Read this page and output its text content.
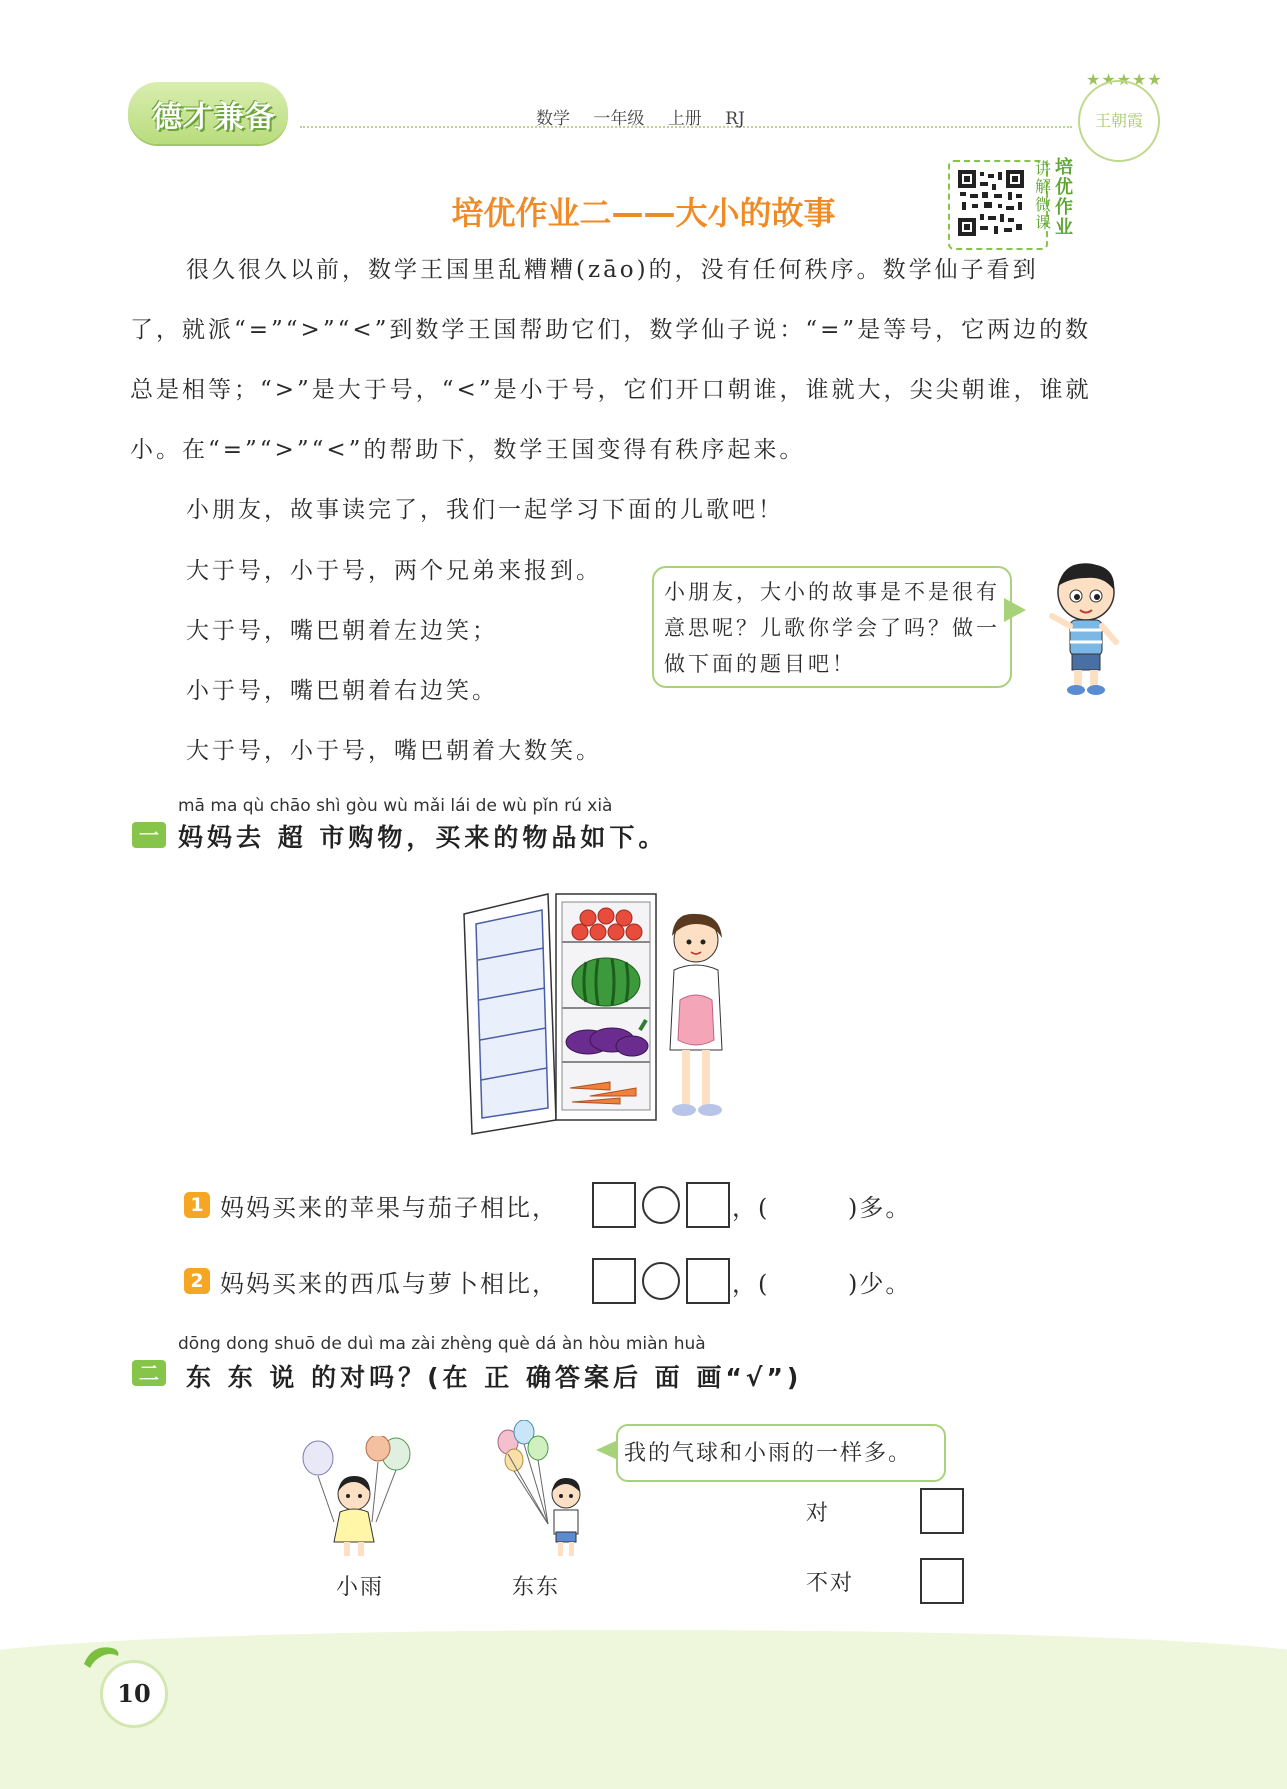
德才兼备	数学 一年级 上册 RJ
★★★★★
王朝霞
培优作业二——大小的故事
讲解微课
培优作业
很久很久以前，数学王国里乱糟糟(zāo)的，没有任何秩序。数学仙子看到
了，就派“=”“>”“<”到数学王国帮助它们，数学仙子说：“=”是等号，它两边的数
总是相等；“>”是大于号，“<”是小于号，它们开口朝谁，谁就大，尖尖朝谁，谁就
小。在“=”“>”“<”的帮助下，数学王国变得有秩序起来。
小朋友，故事读完了，我们一起学习下面的儿歌吧！
大于号，小于号，两个兄弟来报到。
大于号，嘴巴朝着左边笑；
小于号，嘴巴朝着右边笑。
大于号，小于号，嘴巴朝着大数笑。
小朋友，大小的故事是不是很有意思呢？儿歌你学会了吗？做一做下面的题目吧！
mā ma qù chāo shì gòu wù mǎi lái de wù pǐn rú xià
一 妈妈去 超 市购物，买来的物品如下。
1 妈妈买来的苹果与茄子相比，	，(	)多。
2 妈妈买来的西瓜与萝卜相比，	，(	)少。
dōng dong shuō de duì ma zài zhèng què dá àn hòu miàn huà
二 东 东 说 的对吗？(在 正 确答案后 面 画“√”)
小雨	东东
我的气球和小雨的一样多。
对
不对
10
